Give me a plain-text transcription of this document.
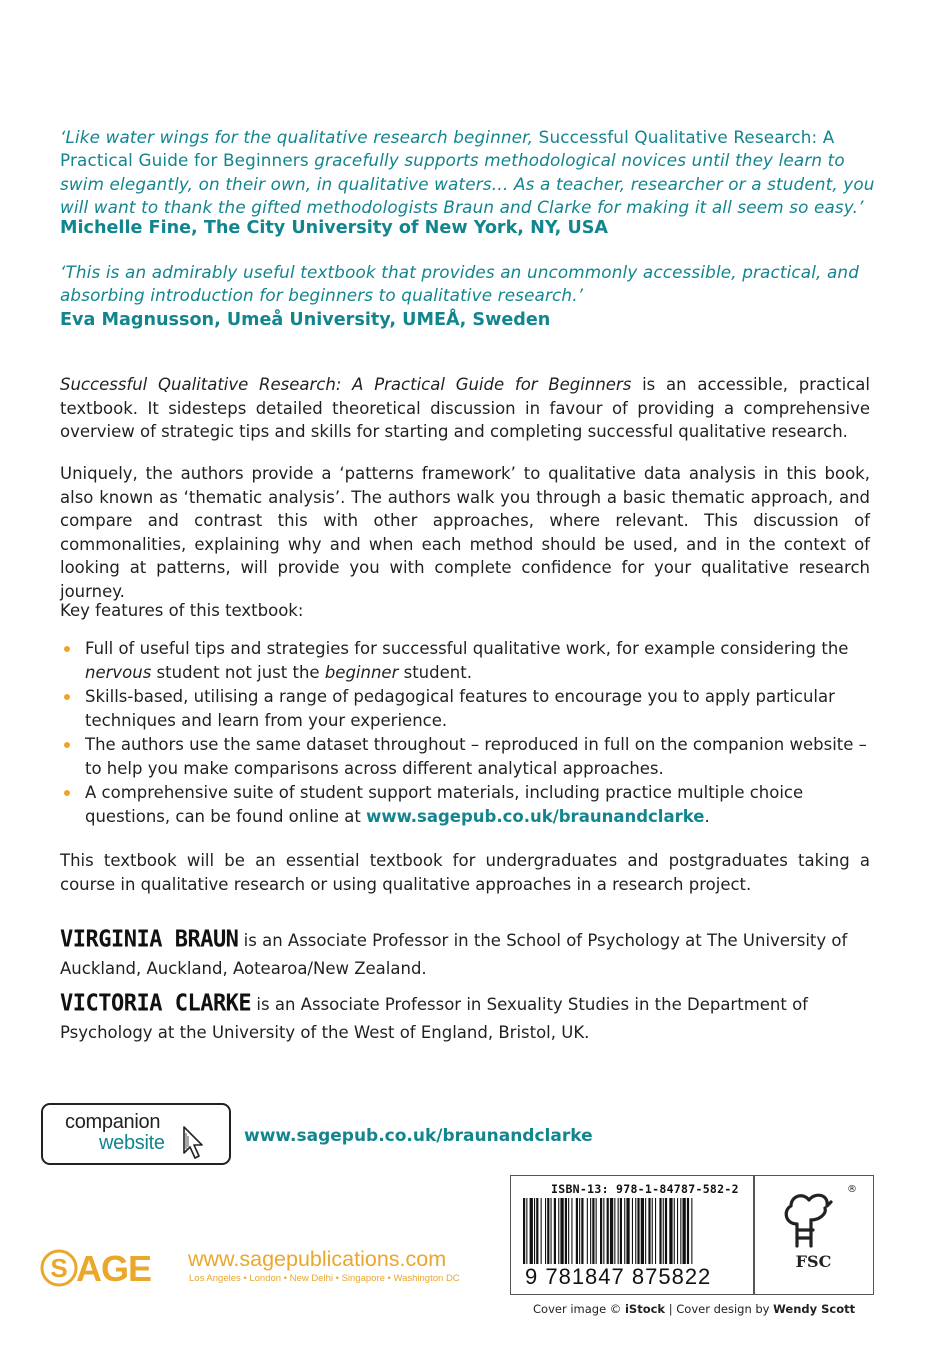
‘Like water wings for the qualitative research beginner, Successful Qualitative Research: A Practical Guide for Beginners gracefully supports methodological novices until they learn to swim elegantly, on their own, in qualitative waters… As a teacher, researcher or a student, you will want to thank the gifted methodologists Braun and Clarke for making it all seem so easy.’
Michelle Fine, The City University of New York, NY, USA
‘This is an admirably useful textbook that provides an uncommonly accessible, practical, and absorbing introduction for beginners to qualitative research.’
Eva Magnusson, Umeå University, UMEÅ, Sweden
Successful Qualitative Research: A Practical Guide for Beginners is an accessible, practical textbook. It sidesteps detailed theoretical discussion in favour of providing a comprehensive overview of strategic tips and skills for starting and completing successful qualitative research.
Uniquely, the authors provide a ‘patterns framework’ to qualitative data analysis in this book, also known as ‘thematic analysis’. The authors walk you through a basic thematic approach, and compare and contrast this with other approaches, where relevant. This discussion of commonalities, explaining why and when each method should be used, and in the context of looking at patterns, will provide you with complete confidence for your qualitative research journey.
Key features of this textbook:
Full of useful tips and strategies for successful qualitative work, for example considering the nervous student not just the beginner student.
Skills-based, utilising a range of pedagogical features to encourage you to apply particular techniques and learn from your experience.
The authors use the same dataset throughout – reproduced in full on the companion website – to help you make comparisons across different analytical approaches.
A comprehensive suite of student support materials, including practice multiple choice questions, can be found online at www.sagepub.co.uk/braunandclarke.
This textbook will be an essential textbook for undergraduates and postgraduates taking a course in qualitative research or using qualitative approaches in a research project.
VIRGINIA BRAUN is an Associate Professor in the School of Psychology at The University of Auckland, Auckland, Aotearoa/New Zealand.
VICTORIA CLARKE is an Associate Professor in Sexuality Studies in the Department of Psychology at the University of the West of England, Bristol, UK.
companion
website	www.sagepub.co.uk/braunandclarke
S AGE www.sagepublications.com
Los Angeles • London • New Delhi • Singapore • Washington DC
ISBN-13: 978-1-84787-582-2
9 781847 875822
®
FSC
Cover image © iStock | Cover design by Wendy Scott
